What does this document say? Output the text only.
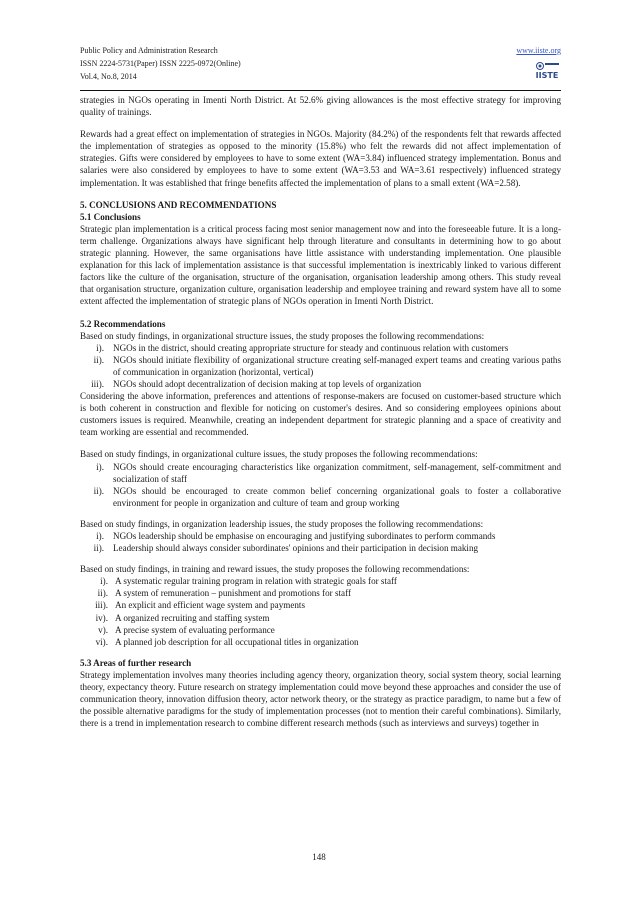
Public Policy and Administration Research
ISSN 2224-5731(Paper) ISSN 2225-0972(Online)
Vol.4, No.8, 2014
www.iiste.org
IISTE

strategies in NGOs operating in Imenti North District. At 52.6% giving allowances is the most effective strategy for improving quality of trainings.

Rewards had a great effect on implementation of strategies in NGOs. Majority (84.2%) of the respondents felt that rewards affected the implementation of strategies as opposed to the minority (15.8%) who felt the rewards did not affect implementation of strategies. Gifts were considered by employees to have to some extent (WA=3.84) influenced strategy implementation. Bonus and salaries were also considered by employees to have to some extent (WA=3.53 and WA=3.61 respectively) influenced strategy implementation. It was established that fringe benefits affected the implementation of plans to a small extent (WA=2.58).

5. CONCLUSIONS AND RECOMMENDATIONS
5.1 Conclusions

Strategic plan implementation is a critical process facing most senior management now and into the foreseeable future. It is a long-term challenge. Organizations always have significant help through literature and consultants in determining how to go about strategic planning. However, the same organisations have little assistance with understanding implementation. One plausible explanation for this lack of implementation assistance is that successful implementation is inextricably linked to various different factors like the culture of the organisation, structure of the organisation, organisation leadership among others. This study reveal that organisation structure, organization culture, organisation leadership and employee training and reward system have all to some extent affected the implementation of strategic plans of NGOs operation in Imenti North District.

5.2 Recommendations
Based on study findings, in organizational structure issues, the study proposes the following recommendations:
i). NGOs in the district, should creating appropriate structure for steady and continuous relation with customers
ii). NGOs should initiate flexibility of organizational structure creating self-managed expert teams and creating various paths of communication in organization (horizontal, vertical)
iii). NGOs should adopt decentralization of decision making at top levels of organization

Considering the above information, preferences and attentions of response-makers are focused on customer-based structure which is both coherent in construction and flexible for noticing on customer's desires. And so considering employees opinions about customers issues is required. Meanwhile, creating an independent department for strategic planning and a space of creativity and team working are essential and recommended.

Based on study findings, in organizational culture issues, the study proposes the following recommendations:
i). NGOs should create encouraging characteristics like organization commitment, self-management, self-commitment and socialization of staff
ii). NGOs should be encouraged to create common belief concerning organizational goals to foster a collaborative environment for people in organization and culture of team and group working
Based on study findings, in organization leadership issues, the study proposes the following recommendations:
i). NGOs leadership should be emphasise on encouraging and justifying subordinates to perform commands
ii). Leadership should always consider subordinates' opinions and their participation in decision making
Based on study findings, in training and reward issues, the study proposes the following recommendations:
i). A systematic regular training program in relation with strategic goals for staff
ii). A system of remuneration – punishment and promotions for staff
iii). An explicit and efficient wage system and payments
iv). A organized recruiting and staffing system
v). A precise system of evaluating performance
vi). A planned job description for all occupational titles in organization
5.3 Areas of further research

Strategy implementation involves many theories including agency theory, organization theory, social system theory, social learning theory, expectancy theory. Future research on strategy implementation could move beyond these approaches and consider the use of communication theory, innovation diffusion theory, actor network theory, or the strategy as practice paradigm, to name but a few of the possible alternative paradigms for the study of implementation processes (not to mention their careful combinations). Similarly, there is a trend in implementation research to combine different research methods (such as interviews and surveys) together in

148
